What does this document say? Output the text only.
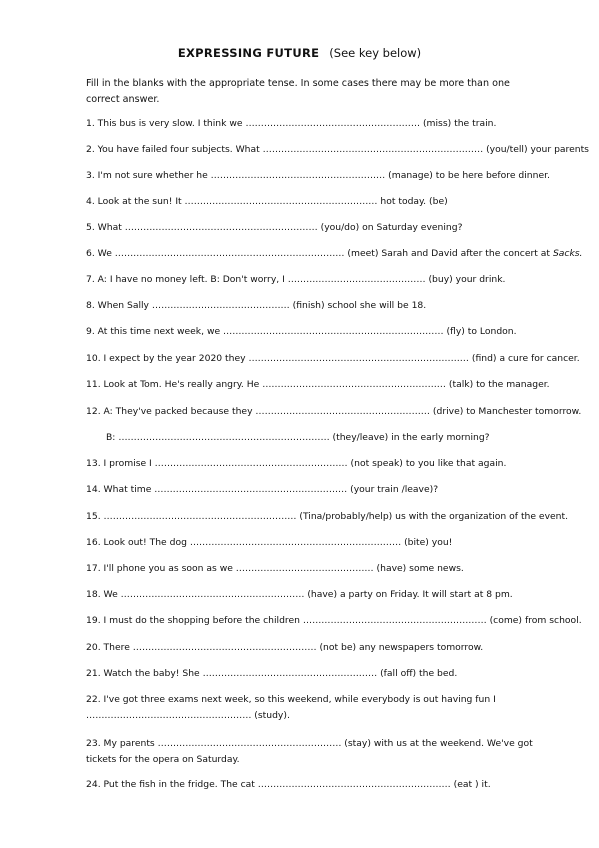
EXPRESSING FUTURE (See key below)
Fill in the blanks with the appropriate tense. In some cases there may be more than one correct answer.
1. This bus is very slow. I think we ………………………………………………… (miss) the train.
2. You have failed four subjects. What ……………………………………………………………… (you/tell) your parents
3. I'm not sure whether he ………………………………………………… (manage) to be here before dinner.
4. Look at the sun! It ……………………………………………………… hot today. (be)
5. What ……………………………………………………… (you/do) on Saturday evening?
6. We ………………………………………………………………… (meet) Sarah and David after the concert at Sacks.
7. A: I have no money left. B: Don't worry, I ……………………………………… (buy) your drink.
8. When Sally ……………………………………… (finish) school she will be 18.
9. At this time next week, we ……………………………………………………………… (fly) to London.
10. I expect by the year 2020 they ……………………………………………………………… (find) a cure for cancer.
11. Look at Tom. He's really angry. He …………………………………………………… (talk) to the manager.
12. A: They've packed because they ………………………………………………… (drive) to Manchester tomorrow.
B: …………………………………………………………… (they/leave) in the early morning?
13. I promise I ……………………………………………………… (not speak) to you like that again.
14. What time ……………………………………………………… (your train /leave)?
15. ……………………………………………………… (Tina/probably/help) us with the organization of the event.
16. Look out! The dog …………………………………………………………… (bite) you!
17. I'll phone you as soon as we ……………………………………… (have) some news.
18. We …………………………………………………… (have) a party on Friday. It will start at 8 pm.
19. I must do the shopping before the children …………………………………………………… (come) from school.
20. There …………………………………………………… (not be) any newspapers tomorrow.
21. Watch the baby! She ………………………………………………… (fall off) the bed.
22. I've got three exams next week, so this weekend, while everybody is out having fun I ……………………………………………… (study).
23. My parents …………………………………………………… (stay) with us at the weekend. We've got tickets for the opera on Saturday.
24. Put the fish in the fridge. The cat ……………………………………………………… (eat ) it.
